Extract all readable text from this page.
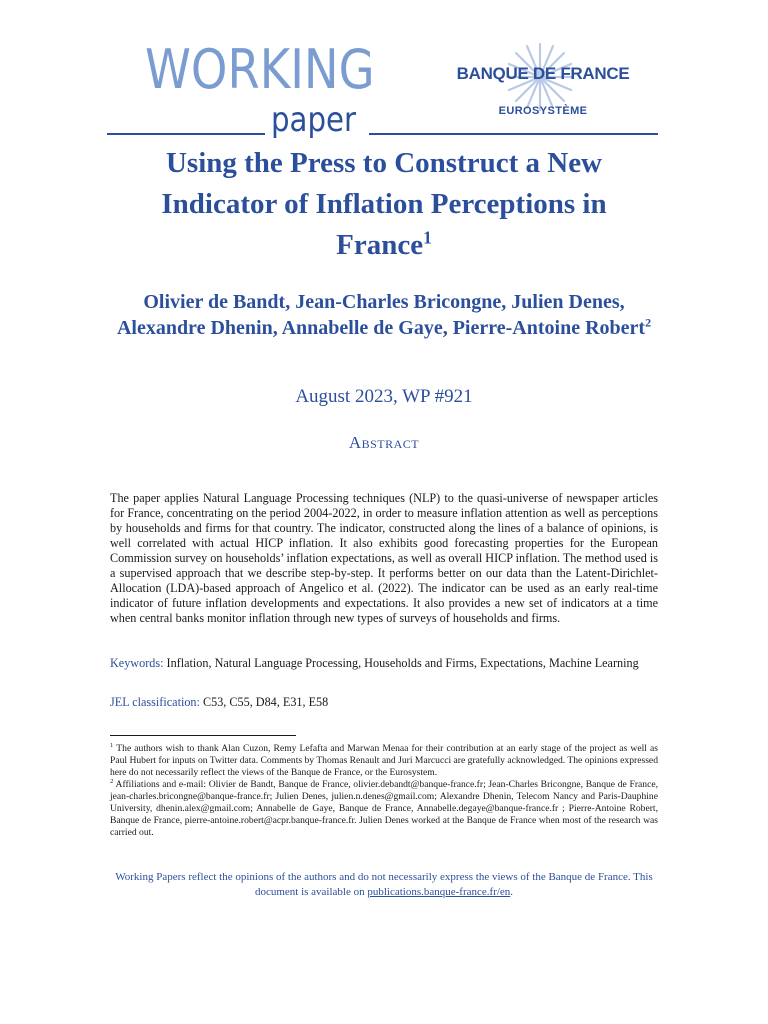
WORKING
paper
BANQUE DE FRANCE
EUROSYSTÈME
Using the Press to Construct a New Indicator of Inflation Perceptions in France$^1$
Olivier de Bandt, Jean-Charles Bricongne, Julien Denes, Alexandre Dhenin, Annabelle de Gaye, Pierre-Antoine Robert$^2$
August 2023, WP #921
Abstract
The paper applies Natural Language Processing techniques (NLP) to the quasi-universe of newspaper articles for France, concentrating on the period 2004-2022, in order to measure inflation attention as well as perceptions by households and firms for that country. The indicator, constructed along the lines of a balance of opinions, is well correlated with actual HICP inflation. It also exhibits good forecasting properties for the European Commission survey on households’ inflation expectations, as well as overall HICP inflation. The method used is a supervised approach that we describe step-by-step. It performs better on our data than the Latent-Dirichlet-Allocation (LDA)-based approach of Angelico et al. (2022). The indicator can be used as an early real-time indicator of future inflation developments and expectations. It also provides a new set of indicators at a time when central banks monitor inflation through new types of surveys of households and firms.
Keywords: Inflation, Natural Language Processing, Households and Firms, Expectations, Machine Learning
JEL classification: C53, C55, D84, E31, E58

$^1$ The authors wish to thank Alan Cuzon, Remy Lefafta and Marwan Menaa for their contribution at an early stage of the project as well as Paul Hubert for inputs on Twitter data. Comments by Thomas Renault and Juri Marcucci are gratefully acknowledged. The opinions expressed here do not necessarily reflect the views of the Banque de France, or the Eurosystem.

$^2$ Affiliations and e-mail: Olivier de Bandt, Banque de France, olivier.debandt@banque-france.fr; Jean-Charles Bricongne, Banque de France, jean-charles.bricongne@banque-france.fr; Julien Denes, julien.n.denes@gmail.com; Alexandre Dhenin, Telecom Nancy and Paris-Dauphine University, dhenin.alex@gmail.com; Annabelle de Gaye, Banque de France, Annabelle.degaye@banque-france.fr ; Pierre-Antoine Robert, Banque de France, pierre-antoine.robert@acpr.banque-france.fr. Julien Denes worked at the Banque de France when most of the research was carried out.

Working Papers reflect the opinions of the authors and do not necessarily express the views of the Banque de France. This document is available on publications.banque-france.fr/en.
